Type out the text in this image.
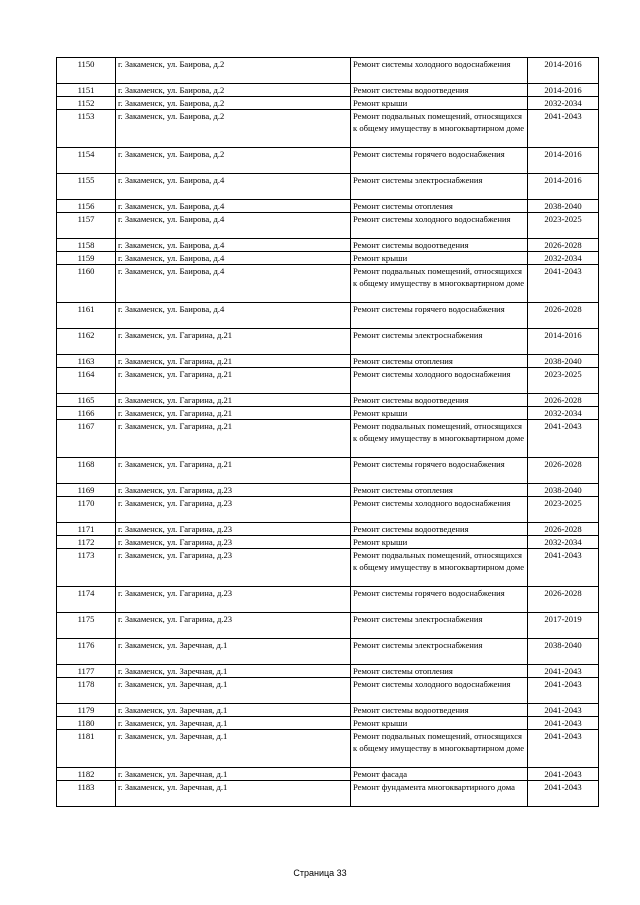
1150	г. Закаменск, ул. Баирова, д.2	Ремонт системы холодного водоснабжения	2014-2016
1151	г. Закаменск, ул. Баирова, д.2	Ремонт системы водоотведения	2014-2016
1152	г. Закаменск, ул. Баирова, д.2	Ремонт крыши	2032-2034
1153	г. Закаменск, ул. Баирова, д.2	Ремонт подвальных помещений, относящихся к общему имуществу в многоквартирном доме	2041-2043
1154	г. Закаменск, ул. Баирова, д.2	Ремонт системы горячего водоснабжения	2014-2016
1155	г. Закаменск, ул. Баирова, д.4	Ремонт системы электроснабжения	2014-2016
1156	г. Закаменск, ул. Баирова, д.4	Ремонт системы отопления	2038-2040
1157	г. Закаменск, ул. Баирова, д.4	Ремонт системы холодного водоснабжения	2023-2025
1158	г. Закаменск, ул. Баирова, д.4	Ремонт системы водоотведения	2026-2028
1159	г. Закаменск, ул. Баирова, д.4	Ремонт крыши	2032-2034
1160	г. Закаменск, ул. Баирова, д.4	Ремонт подвальных помещений, относящихся к общему имуществу в многоквартирном доме	2041-2043
1161	г. Закаменск, ул. Баирова, д.4	Ремонт системы горячего водоснабжения	2026-2028
1162	г. Закаменск, ул. Гагарина, д.21	Ремонт системы электроснабжения	2014-2016
1163	г. Закаменск, ул. Гагарина, д.21	Ремонт системы отопления	2038-2040
1164	г. Закаменск, ул. Гагарина, д.21	Ремонт системы холодного водоснабжения	2023-2025
1165	г. Закаменск, ул. Гагарина, д.21	Ремонт системы водоотведения	2026-2028
1166	г. Закаменск, ул. Гагарина, д.21	Ремонт крыши	2032-2034
1167	г. Закаменск, ул. Гагарина, д.21	Ремонт подвальных помещений, относящихся к общему имуществу в многоквартирном доме	2041-2043
1168	г. Закаменск, ул. Гагарина, д.21	Ремонт системы горячего водоснабжения	2026-2028
1169	г. Закаменск, ул. Гагарина, д.23	Ремонт системы отопления	2038-2040
1170	г. Закаменск, ул. Гагарина, д.23	Ремонт системы холодного водоснабжения	2023-2025
1171	г. Закаменск, ул. Гагарина, д.23	Ремонт системы водоотведения	2026-2028
1172	г. Закаменск, ул. Гагарина, д.23	Ремонт крыши	2032-2034
1173	г. Закаменск, ул. Гагарина, д.23	Ремонт подвальных помещений, относящихся к общему имуществу в многоквартирном доме	2041-2043
1174	г. Закаменск, ул. Гагарина, д.23	Ремонт системы горячего водоснабжения	2026-2028
1175	г. Закаменск, ул. Гагарина, д.23	Ремонт системы электроснабжения	2017-2019
1176	г. Закаменск, ул. Заречная, д.1	Ремонт системы электроснабжения	2038-2040
1177	г. Закаменск, ул. Заречная, д.1	Ремонт системы отопления	2041-2043
1178	г. Закаменск, ул. Заречная, д.1	Ремонт системы холодного водоснабжения	2041-2043
1179	г. Закаменск, ул. Заречная, д.1	Ремонт системы водоотведения	2041-2043
1180	г. Закаменск, ул. Заречная, д.1	Ремонт крыши	2041-2043
1181	г. Закаменск, ул. Заречная, д.1	Ремонт подвальных помещений, относящихся к общему имуществу в многоквартирном доме	2041-2043
1182	г. Закаменск, ул. Заречная, д.1	Ремонт фасада	2041-2043
1183	г. Закаменск, ул. Заречная, д.1	Ремонт фундамента многоквартирного дома	2041-2043
Страница 33
